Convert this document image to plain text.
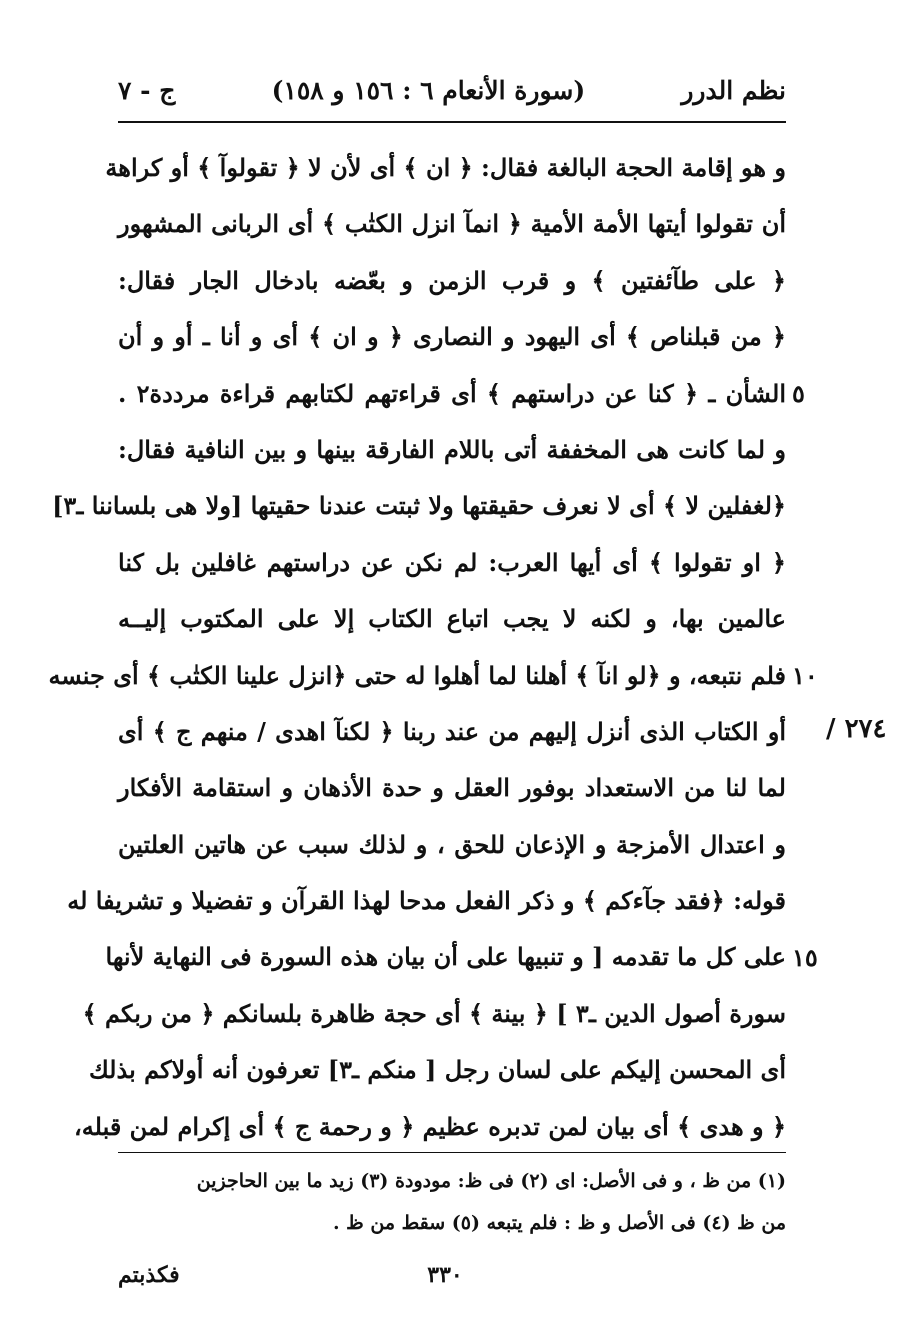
نظم الدرر
(سورة الأنعام ٦ : ١٥٦ و ١٥٨)
ج - ٧
و هو إقامة الحجة البالغة فقال: ﴿ ان ﴾ أى لأن لا ﴿ تقولوآ ﴾ أو كراهة
أن تقولوا أيتها الأمة الأمية ﴿ انمآ انزل الكتٰب ﴾ أى الربانى المشهور
﴿ على طآئفتين ﴾ و قرب الزمن و بعّضه بادخال الجار فقال:
﴿ من قبلناص ﴾ أى اليهود و النصارى ﴿ و ان ﴾ أى و أنا ـ أو و أن
الشأن ـ ﴿ كنا عن دراستهم ﴾ أى قراءتهم لكتابهم قراءة مرددة٢ .
و لما كانت هى المخففة أتى باللام الفارقة بينها و بين النافية فقال:
﴿لغفلين لا ﴾ أى لا نعرف حقيقتها ولا ثبتت عندنا حقيتها [ولا هى بلساننا ـ٣]
﴿ او تقولوا ﴾ أى أيها العرب: لم نكن عن دراستهم غافلين بل كنا
عالمين بها، و لكنه لا يجب اتباع الكتاب إلا على المكتوب إليــه
فلم نتبعه، و ﴿لو انآ ﴾ أهلنا لما أهلوا له حتى ﴿انزل علينا الكتٰب ﴾ أى جنسه
أو الكتاب الذى أنزل إليهم من عند ربنا ﴿ لكنآ اهدى / منهم ج ﴾ أى
لما لنا من الاستعداد بوفور العقل و حدة الأذهان و استقامة الأفكار
و اعتدال الأمزجة و الإذعان للحق ، و لذلك سبب عن هاتين العلتين
قوله: ﴿فقد جآءكم ﴾ و ذكر الفعل مدحا لهذا القرآن و تفضيلا و تشريفا له
على كل ما تقدمه [ و تنبيها على أن بيان هذه السورة فى النهاية لأنها
سورة أصول الدين ـ٣ ] ﴿ بينة ﴾ أى حجة ظاهرة بلسانكم ﴿ من ربكم ﴾
أى المحسن إليكم على لسان رجل [ منكم ـ٣] تعرفون أنه أولاكم بذلك
﴿ و هدى ﴾ أى بيان لمن تدبره عظيم ﴿ و رحمة ج ﴾ أى إكرام لمن قبله،
٥
١٠
١٥
٢٧٤ /
(١) من ظ ، و فى الأصل: اى (٢) فى ظ: مودودة (٣) زيد ما بين الحاجزين
من ظ (٤) فى الأصل و ظ : فلم يتبعه (٥) سقط من ظ .
٣٣٠
فكذبتم
